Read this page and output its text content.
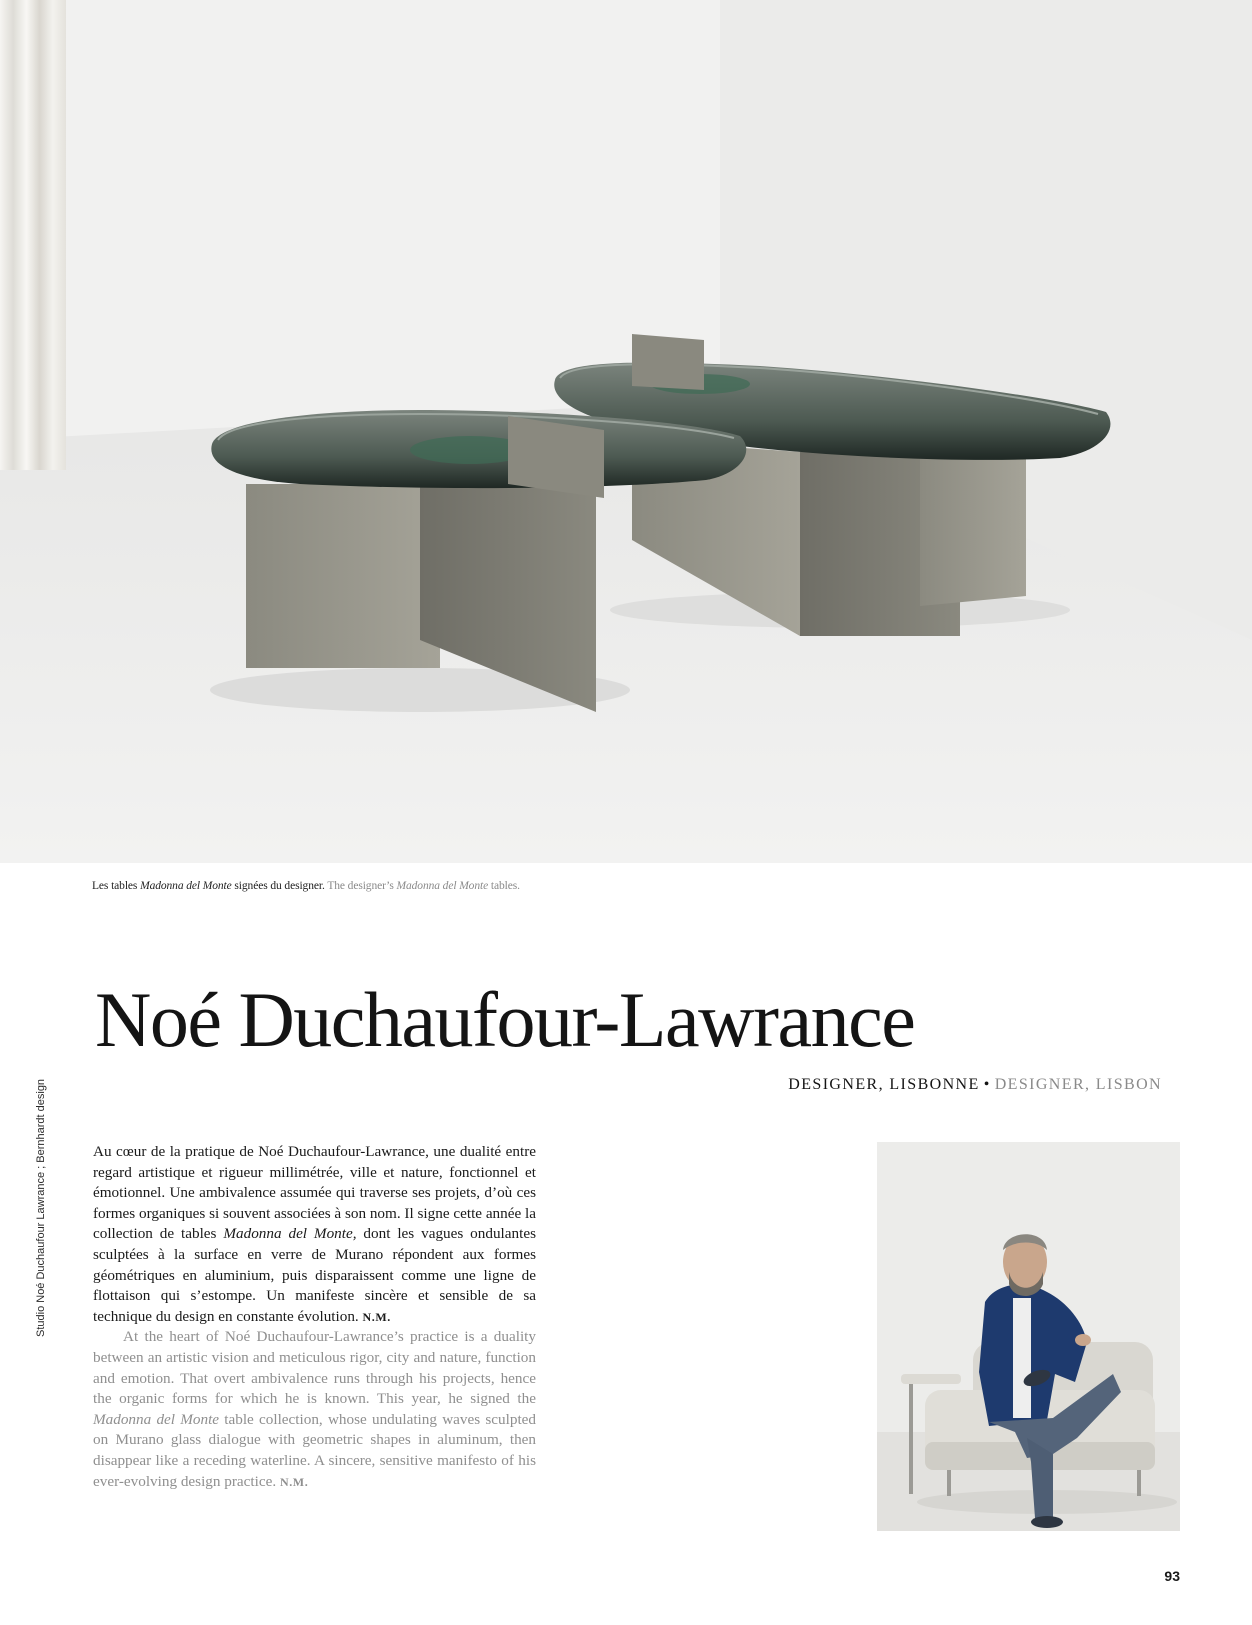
Les tables Madonna del Monte signées du designer. The designer’s Madonna del Monte tables.
Noé Duchaufour-Lawrance
DESIGNER, LISBONNE • DESIGNER, LISBON
Studio Noé Duchaufour Lawrance ; Bernhardt design	Au cœur de la pratique de Noé Duchaufour-Lawrance, une dualité entre regard artistique et rigueur millimétrée, ville et nature, fonctionnel et émotionnel. Une ambivalence assumée qui traverse ses projets, d’où ces formes organiques si souvent associées à son nom. Il signe cette année la collection de tables Madonna del Monte, dont les vagues ondulantes sculptées à la surface en verre de Murano répondent aux formes géométriques en aluminium, puis disparaissent comme une ligne de flottaison qui s’estompe. Un manifeste sincère et sensible de sa technique du design en constante évolution. N.M.

At the heart of Noé Duchaufour-Lawrance’s practice is a duality between an artistic vision and meticulous rigor, city and nature, function and emotion. That overt ambivalence runs through his projects, hence the organic forms for which he is known. This year, he signed the Madonna del Monte table collection, whose undulating waves sculpted on Murano glass dialogue with geometric shapes in aluminum, then disappear like a receding waterline. A sincere, sensitive manifesto of his ever-evolving design practice. N.M.

93
